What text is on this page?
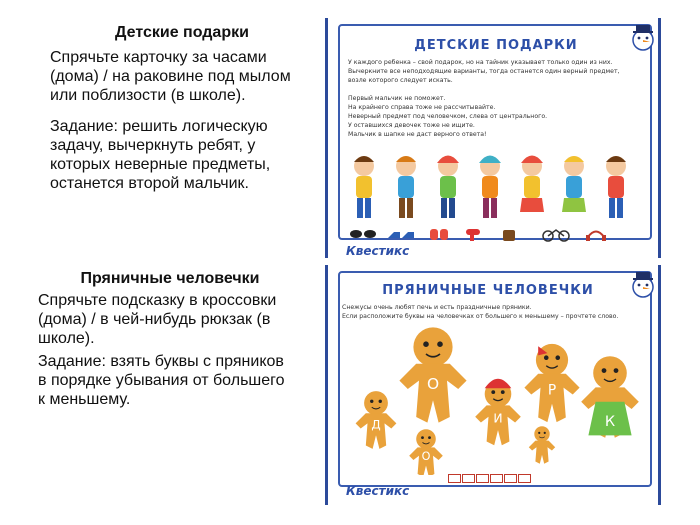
Детские подарки
Спрячьте карточку за часами
(дома) / на раковине под мылом
или поблизости (в школе).
Задание: решить логическую
задачу, вычеркнуть ребят, у
которых неверные предметы,
останется второй мальчик.
Пряничные человечки
Спрячьте подсказку в кроссовки
(дома) / в чей-нибудь рюкзак (в
школе).
Задание: взять буквы с пряников
в порядке убывания от большего
к меньшему.
ДЕТСКИЕ ПОДАРКИ

У каждого ребенка – свой подарок, но на тайник указывает только один из них.

Вычеркните все неподходящие варианты, тогда останется один верный предмет,

возле которого следует искать.

Первый мальчик не поможет.

На крайнего справа тоже не рассчитывайте.

Неверный предмет под человечком, слева от центрального.

У оставшихся девочек тоже не ищите.

Мальчик в шапке не даст верного ответа!

Квестикс
ПРЯНИЧНЫЕ ЧЕЛОВЕЧКИ

Снежусы очень любят печь и есть праздничные пряники.

Если расположите буквы на человечках от большего к меньшему – прочтете слово.

Д
О
И
Р
К
О
Квестикс
